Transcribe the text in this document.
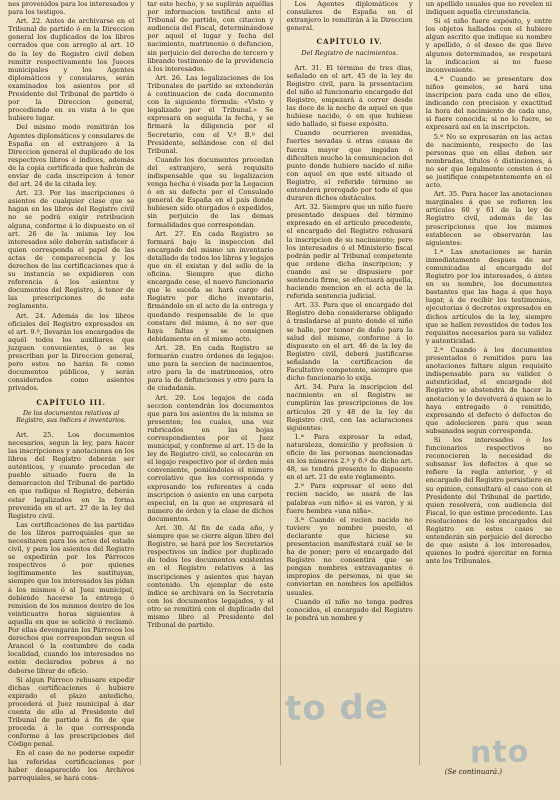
nes provenidos para los interesados y para los testigos.

Art. 22. Antes de archivarse en el Tribunal de partido ó en la Direccion general los duplicados de los libros cerrados que con arreglo al art. 10 de la ley de Registro civil deben remitir respectivamente los Jueces municipales y los Agentes diplomáticos y consulares, serán examinados los asientos por el Presidente del Tribunal de partido ó por la Direccion general, procediendo en su vista á lo que hubiere lugar.

Del mismo modo remitirán los Agentes diplomáticos y consulares de España en el extranjero á la Direccion general el duplicado de los respectivos libros é índices, además de la copia certificada que habrán de enviar de cada inscripcion á tenor del art. 24 de la citada ley.

Art. 23. Por las inscripciones ó asientos de cualquier clase que se hagan en los libros del Registro civil no se podrá exigir retribucion alguna, conforme á lo dispuesto en el art. 26 de la misma ley los interesados sólo deberán satisfacer á quien corresponda el papel de las actas de comparecencia y los derechos de las certificaciones que á su instancia se expidieren con referencia á los asientos y documentos del Registro, á tenor de las prescripciones de este reglamento.

Art. 24. Además de los libros oficiales del Registro expresados en el art. 9.º, llevarán los encargados de aquél todos los auxiliares que juzguen convenientes, ó se les prescriban por la Direccion general, pero estos no harán fe como documentos públicos, y serán considerados como asientos privados.

CAPÍTULO III.
De los documentos relativos al Registro, sus índices é inventarios.

Art. 25. Los documentos necesarios, segun la ley, para hacer las inscripciones y anotaciones en los libros del Registro deberán ser auténticos, y cuando procedan de pueblo situado fuera de la demarcacion del Tribunal de partido en que radique el Registro, deberán estar legalizados en la forma prevenida en el art. 27 de la ley del Registro civil.

Las certificaciones de las partidas de los libros parroquiales que se necesitaren para los actos del estado civil, y para los asientos del Registro se expedirán por los Párrocos respectivos ó por quienes legítimamente les sustituyan, siempre que los interesados las pidan á los mismos ó al Juez municipal, debiendo hacerse la entrega ó remision de los mismos dentro de los veinticuatro horas siguientes á aquella en que se solicitó ó reclamó. Por ellas devengarán los Párrocos los derechos que correspondan segun el Arancel ó la costumbre de cada localidad, cuando los interesados no estén declarados pobres á no deberse librar de oficio.

Si algun Párroco rehusare expedir dichas certificaciones ó hubiere expirado el plazo antedicho, procederá el Juez municipal á dar cuenta de ello al Presidente del Tribunal de partido á fin de que proceda á lo que corresponda conforme á las prescripciones del Código penal.

En el caso de no poderse expedir las referidas certificaciones por haber desaparecido los Archivos parroquiales, se hará cons-

tar este hecho, y se suplirán aquéllas por informacion testifical ante el Tribunal de partido, con citacion y audiencia del Fiscal, determinándose por aquel el lugar y fecha del nacimiento, matrimonio ó defuncion, sin perjuicio del derecho de tercero y librando testimonio de la providencia á los interesados.

Art. 26. Las legalizaciones de los Tribunales de partido se extenderán á continuacion de cada documento con la siguiente fórmula: «Visto y legalizado por el Tribunal.» Se expresará en seguida la fecha, y se firmará la diligencia por el Secretario, con el V.º B.º del Presidente, sellándose con el del Tribunal.

Cuando los documentos procedan del extranjero, será requisito indispensable que su legalizacion venga hecha ó visada por la Legacion ó en su defecto por el Consulado general de España en el país donde hubiesen sido otorgados ó expedidos, sin perjuicio de las demas formalidades que correspondan.

Art. 27. En cada Registro se formará bajo la inspeccion del encargado del mismo un inventario detallado de todos los libros y legajos que en él existan y del sello de la oficina. Siempre que dicho encargado cese, el nuevo funcionario que le suceda se hará cargo del Registro por dicho inventario, firmándolo en el acto de la entrega y quedando responsable de lo que constare del mismo, á no ser que haya faltas y se consignen debidamente en el mismo acto.

Art. 28. En cada Registro se formarán cuatro órdenes de legajos: uno para la seccion de nacimientos, otro para la de matrimonios, otro para la de defunciones y otro para la de ciudadanía.

Art. 29. Los legajos de cada seccion contendrán los documentos que para los asientos de la misma se presenten; los cuales, una vez rubricados en las hojas correspondientes por el Juez municipal, y conforme al art. 15 de la ley de Registro civil, se colocarán en el legajo respectivo por el órden más conveniente, poniéndoles el número correlativo que les corresponda y expresando los referentes á cada inscripcion ó asiento en una carpeta especial, en la que se expresará el número de órden y la clase de dichos documentos.

Art. 30. Al fin de cada año, y siempre que se cierre algun libro del Registro, se hará por los Secretarios respectivos un índice por duplicado de todos los documentos existentes en el Registro relativos á las inscripciones y asientos que hayan contenido. Un ejemplar de este índice se archivará en la Secretaría con los documentos legajados, y el otro se remitirá con el duplicado del mismo libro al Presidente del Tribunal de partido.

Los Agentes diplomáticos y consulares de España en el extranjero lo remitirán á la Direccion general.

CAPÍTULO IV.
Del Registro de nacimientos.

Art. 31. El término de tres dias, señalado en el art. 45 de la ley de Registro civil, para la presentacion del niño al funcionario encargado del Registro, empezará á correr desde las doce de la noche de aquel en que hubiese nacido, ó en que hubiese sido hallado, si fuese expósito.

Cuando ocurrieren avenidas, fuertes nevadas ú otras causas de fuerza mayor que impidan ó dificulten mucho la comunicacion del punto donde hubiere nacido el niño con aquel en que esté situado el Registro, el referido término se entenderá prorogado por todo el que duraren dichos obstáculos.

Art. 32. Siempre que un niño fuere presentado despues del término expresado en el artículo precedente, el encargado del Registro rehusará la inscripcion de su nacimiento; pero los interesados ó el Ministerio fiscal podrán pedir al Tribunal competente que ordene dicha inscripcion; y cuando así se dispusiere por sentencia firme, se efectuará aquella, haciendo mencion en el acta de la referida sentencia judicial.

Art. 33. Para que el encargado del Registro deba considerarse obligado á trasladarse al punto donde el niño se halle, por temor de daño para la salud del mismo, conforme á lo dispuesto en el art. 46 de la ley de Registro civil, deberá justificarse señalando la certificacion de Facultativo competente, siempre que dicho funcionario lo exija.

Art. 34. Para la inscripcion del nacimiento en el Registro se cumplirán las prescripciones de los artículos 20 y 48 de la ley de Registro civil, con las aclaraciones siguientes:

1.ª Para expresar la edad, naturaleza, domicilio y profesion ú oficio de las personas mencionadas en los números 2.º y 6.º de dicho art. 48, se tendrá presente lo dispuesto en el art. 21 de este reglamento.

2.ª Para expresar el sexo del recien nacido, se usará de las palabras «un niño» si es varon, y si fuere hembra «una niña».

3.ª Cuando el recien nacido no tuviere yo nombre puesto, el declarante que hiciese su presentacion manifestará cuál se le ha de poner; pero el encargado del Registro no consentirá que se pongan nombres extravagantes ó impropios de personas, ni que se conviertan en nombres los apellidos usuales.

Cuando el niño no tenga padres conocidos, el encargado del Registro le pondrá un nombre y

un apellido usuales que no revelen ni indiquen aquella circunstancia.

Si el niño fuere expósito, y entre los objetos hallados con el hubiere algun escrito que indique su nombre y apellido, ó el deseo de que lleve algunos determinados, se respetará la indicacion si no fuese inconveniente.

4.ª Cuando se presentare dos niños gemelos, se hará una inscripcion para cada uno de ellos, indicando con precision y exactitud la hora del nacimiento de cada uno, si fuere conocida; si no lo fuere, se expresará así en la inscripcion.

5.ª No se expresarán en las actas de nacimiento, respecto de las personas que en ellas deben ser nombradas, títulos ó distinciones, á no ser que legalmente consten ó no se justifique competentemente en el acto.

Art. 35. Para hacer las anotaciones marginales á que se refieren los artículos 60 y 61 de la ley de Registro civil, además de las prescripciones que los mismos establecen se observarán las siguientes:

1.ª Las anotaciones se harán inmediatamente despues de ser comunicadas al encargado del Registro por los interesados, ó ántes en su nombre, los documentos bastantes que las haga á que haya lugar, á de recibir los testimonios, ejecutorias ó decretos expresados en dichos artículos de la ley, siempre que se hallen revestidos de todos los requisitos necesarios para su validez y autenticidad.

2.ª Cuando á los documentos presentados ó remitidos para las anotaciones faltare algun requisito indispensable para su validez ó autenticidad, el encargado del Registro se abstendrá de hacer la anotacion y lo devolverá á quien se lo haya entregado ó remitido, expresando el defecto ó defectos de que adolecieren para que sean subsanados segun corresponda.

Si los interesados ó los funcionarios respectivos no reconocieren la necesidad de subsanar los defectos á que se refiere la regla anterior, y el encargado del Registro persistiere en su opinion, consultará el caso con el Presidente del Tribunal de partido, quien resolverá, con audiencia del Fiscal, lo que estime procedente. Las resoluciones de los encargados del Registro en estos casos se entenderán sin perjuicio del derecho de que asiste á los interesados, quienes lo podrá ejercitar en forma ante los Tribunales.

(Se continuará.)
to de
nto
